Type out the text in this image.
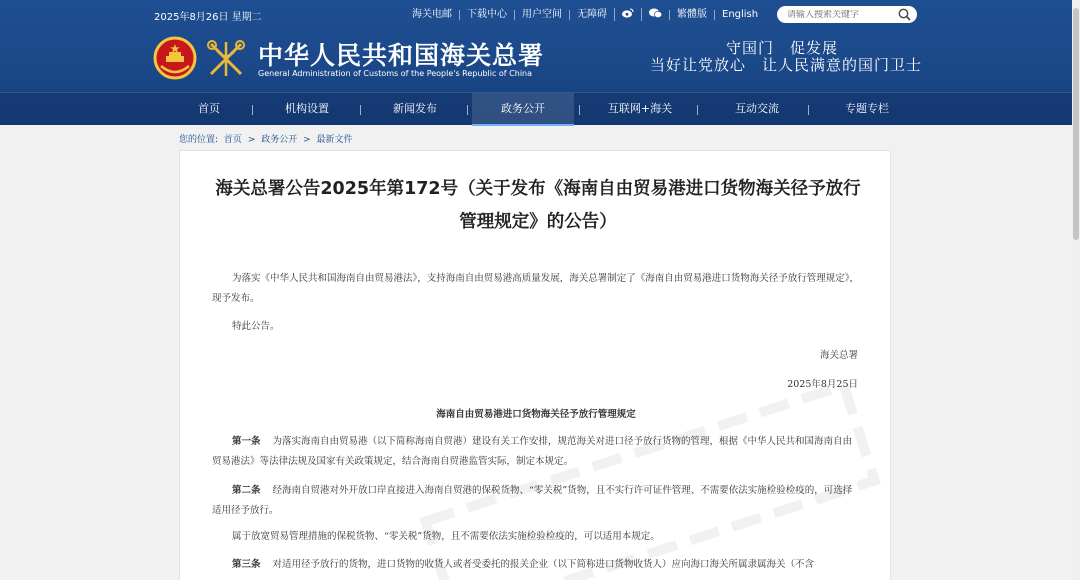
2025年8月26日 星期二	海关电邮	下载中心	用户空间	无障碍	繁體版	English
请输入搜索关键字
中华人民共和国海关总署
General Administration of Customs of the People's Republic of China
守国门　促发展
当好让党放心　让人民满意的国门卫士
首页	机构设置	新闻发布	政务公开	互联网+海关	互动交流	专题专栏
您的位置: 首页 > 政务公开 > 最新文件
海关总署公告2025年第172号（关于发布《海南自由贸易港进口货物海关径予放行管理规定》的公告）
为落实《中华人民共和国海南自由贸易港法》，支持海南自由贸易港高质量发展，海关总署制定了《海南自由贸易港进口货物海关径予放行管理规定》，现予发布。
特此公告。
海关总署
2025年8月25日
海南自由贸易港进口货物海关径予放行管理规定
第一条 为落实海南自由贸易港（以下简称海南自贸港）建设有关工作安排，规范海关对进口径予放行货物的管理，根据《中华人民共和国海南自由贸易港法》等法律法规及国家有关政策规定，结合海南自贸港监管实际，制定本规定。
第二条 经海南自贸港对外开放口岸直接进入海南自贸港的保税货物、“零关税”货物，且不实行许可证件管理、不需要依法实施检验检疫的，可选择适用径予放行。
属于放宽贸易管理措施的保税货物、“零关税”货物，且不需要依法实施检验检疫的，可以适用本规定。
第三条 对适用径予放行的货物，进口货物的收货人或者受委托的报关企业（以下简称进口货物收货人）应向海口海关所属隶属海关（不含
